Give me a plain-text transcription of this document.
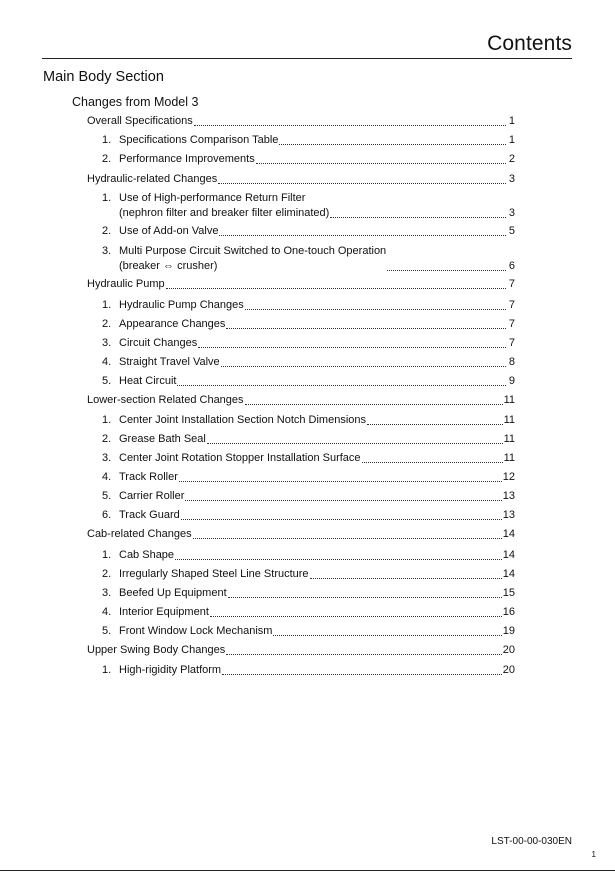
Contents
Main Body Section
Changes from Model 3
Overall Specifications	1
1. Specifications Comparison Table	1
2. Performance Improvements	2
Hydraulic-related Changes	3
1. Use of High-performance Return Filter
(nephron filter and breaker filter eliminated)	3
2. Use of Add-on Valve	5
3. Multi Purpose Circuit Switched to One-touch Operation
(breaker ⇔ crusher)	6
Hydraulic Pump	7
1. Hydraulic Pump Changes	7
2. Appearance Changes	7
3. Circuit Changes	7
4. Straight Travel Valve	8
5. Heat Circuit	9
Lower-section Related Changes	11
1. Center Joint Installation Section Notch Dimensions	11
2. Grease Bath Seal	11
3. Center Joint Rotation Stopper Installation Surface	11
4. Track Roller	12
5. Carrier Roller	13
6. Track Guard	13
Cab-related Changes	14
1. Cab Shape	14
2. Irregularly Shaped Steel Line Structure	14
3. Beefed Up Equipment	15
4. Interior Equipment	16
5. Front Window Lock Mechanism	19
Upper Swing Body Changes	20
1. High-rigidity Platform	20
LST-00-00-030EN
1
